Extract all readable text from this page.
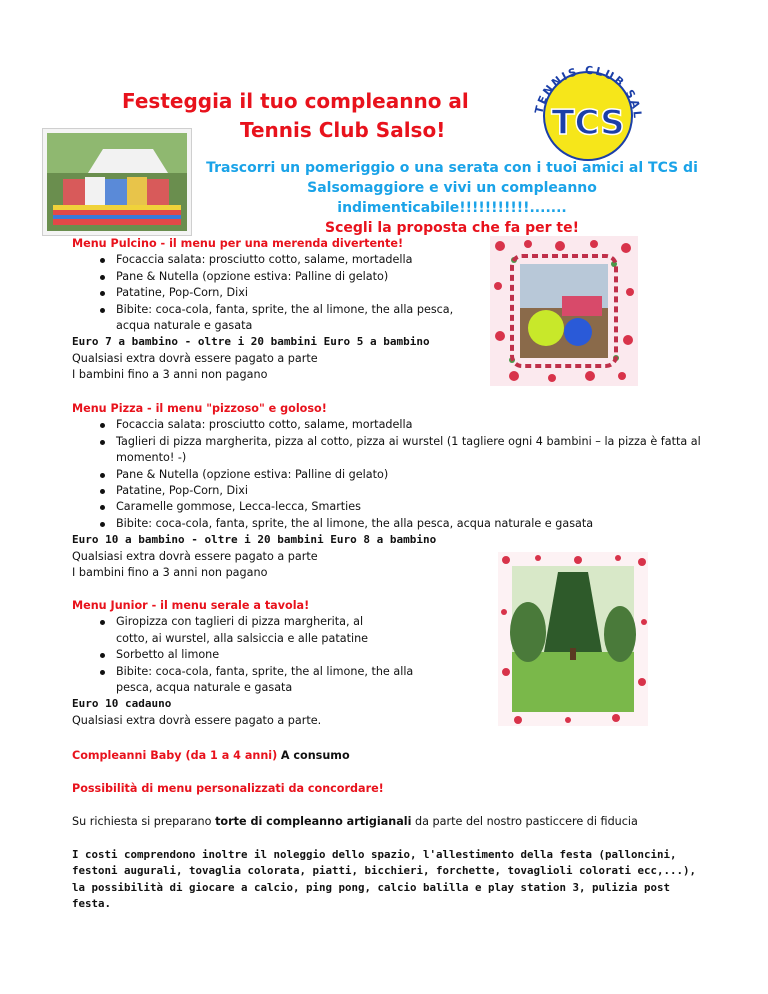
Festeggia il tuo compleanno al
Tennis Club Salso!
TENNIS CLUB SAL
TCS
Trascorri un pomeriggio o una serata con i tuoi amici al TCS di
Salsomaggiore e vivi un compleanno indimenticabile!!!!!!!!!!!.......
Scegli la proposta che fa per te!
Menu Pulcino - il menu per una merenda divertente!
Focaccia salata: prosciutto cotto, salame, mortadella
Pane & Nutella (opzione estiva: Palline di gelato)
Patatine, Pop-Corn, Dixi
Bibite: coca-cola, fanta, sprite, the al limone, the alla pesca, acqua naturale e gasata
Euro 7 a bambino - oltre i 20 bambini Euro 5 a bambino
Qualsiasi extra dovrà essere pagato a parte
I bambini fino a 3 anni non pagano
Menu Pizza - il menu "pizzoso" e goloso!
Focaccia salata: prosciutto cotto, salame, mortadella
Taglieri di pizza margherita, pizza al cotto, pizza ai wurstel (1 tagliere ogni 4 bambini – la pizza è fatta al momento! -)
Pane & Nutella (opzione estiva: Palline di gelato)
Patatine, Pop-Corn, Dixi
Caramelle gommose, Lecca-lecca, Smarties
Bibite: coca-cola, fanta, sprite, the al limone, the alla pesca, acqua naturale e gasata
Euro 10 a bambino - oltre i 20 bambini Euro 8 a bambino
Qualsiasi extra dovrà essere pagato a parte
I bambini fino a 3 anni non pagano
Menu Junior - il menu serale a tavola!
Giropizza con taglieri di pizza margherita, al cotto, ai wurstel, alla salsiccia e alle patatine
Sorbetto al limone
Bibite: coca-cola, fanta, sprite, the al limone, the alla pesca, acqua naturale e gasata
Euro 10 cadauno
Qualsiasi extra dovrà essere pagato a parte.
Compleanni Baby (da 1 a 4 anni) A consumo
Possibilità di menu personalizzati da concordare!
Su richiesta si preparano torte di compleanno artigianali da parte del nostro pasticcere di fiducia
I costi comprendono inoltre il noleggio dello spazio, l'allestimento della festa (palloncini, festoni augurali, tovaglia colorata, piatti, bicchieri, forchette, tovaglioli colorati ecc,...), la possibilità di giocare a calcio, ping pong, calcio balilla e play station 3, pulizia post festa.
